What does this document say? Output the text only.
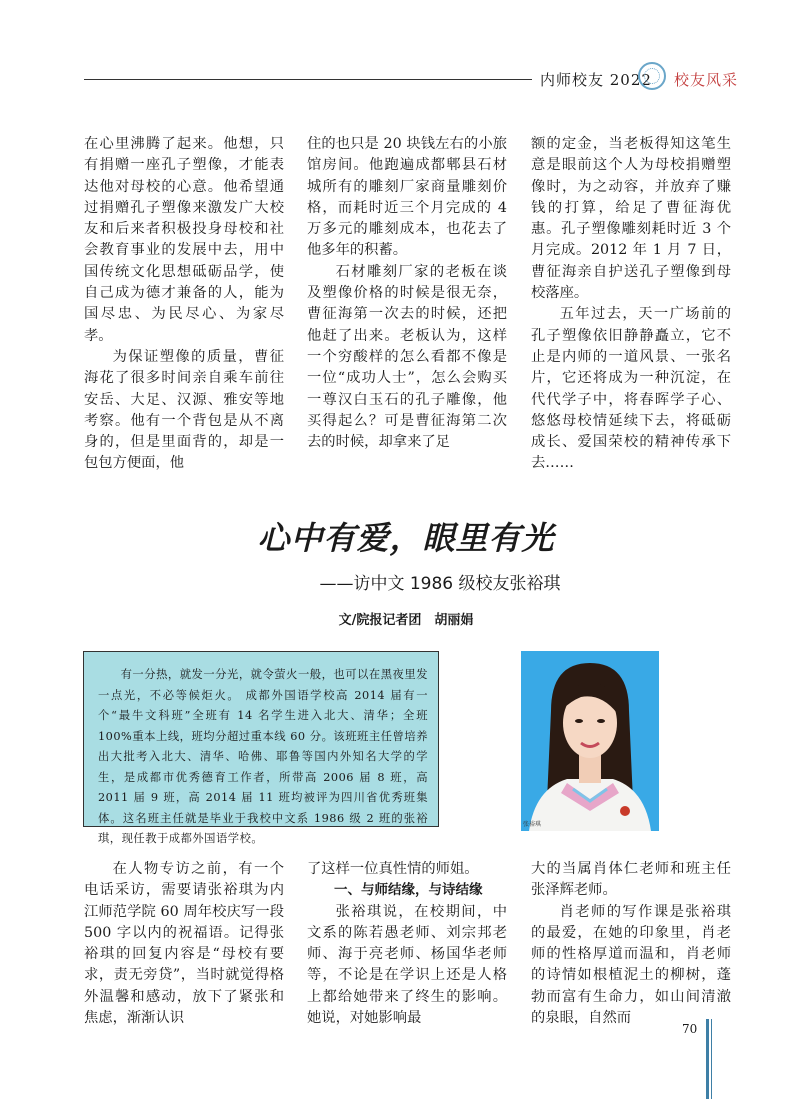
内师校友 2022 校友风采

在心里沸腾了起来。他想，只有捐赠一座孔子塑像，才能表达他对母校的心意。他希望通过捐赠孔子塑像来激发广大校友和后来者积极投身母校和社会教育事业的发展中去，用中国传统文化思想砥砺品学，使自己成为德才兼备的人，能为国尽忠、为民尽心、为家尽孝。

为保证塑像的质量，曹征海花了很多时间亲自乘车前往安岳、大足、汉源、雅安等地考察。他有一个背包是从不离身的，但是里面背的，却是一包包方便面，他

住的也只是 20 块钱左右的小旅馆房间。他跑遍成都郫县石材城所有的雕刻厂家商量雕刻价格，而耗时近三个月完成的 4 万多元的雕刻成本，也花去了他多年的积蓄。

石材雕刻厂家的老板在谈及塑像价格的时候是很无奈，曹征海第一次去的时候，还把他赶了出来。老板认为，这样一个穷酸样的怎么看都不像是一位“成功人士”，怎么会购买一尊汉白玉石的孔子雕像，他买得起么？可是曹征海第二次去的时候，却拿来了足

额的定金，当老板得知这笔生意是眼前这个人为母校捐赠塑像时，为之动容，并放弃了赚钱的打算，给足了曹征海优惠。孔子塑像雕刻耗时近 3 个月完成。2012 年 1 月 7 日，曹征海亲自护送孔子塑像到母校落座。

五年过去，天一广场前的孔子塑像依旧静静矗立，它不止是内师的一道风景、一张名片，它还将成为一种沉淀，在代代学子中，将春晖学子心、悠悠母校情延续下去，将砥砺成长、爱国荣校的精神传承下去……

心中有爱，眼里有光
——访中文 1986 级校友张裕琪
文/院报记者团　胡丽娟

有一分热，就发一分光，就令萤火一般，也可以在黑夜里发一点光，不必等候炬火。 成都外国语学校高 2014 届有一个“最牛文科班”全班有 14 名学生进入北大、清华；全班 100%重本上线，班均分超过重本线 60 分。该班班主任曾培养出大批考入北大、清华、哈佛、耶鲁等国内外知名大学的学生，是成都市优秀德育工作者，所带高 2006 届 8 班，高 2011 届 9 班，高 2014 届 11 班均被评为四川省优秀班集体。这名班主任就是毕业于我校中文系 1986 级 2 班的张裕琪，现任教于成都外国语学校。

张裕琪

在人物专访之前，有一个电话采访，需要请张裕琪为内江师范学院 60 周年校庆写一段 500 字以内的祝福语。记得张裕琪的回复内容是“母校有要求，责无旁贷”，当时就觉得格外温馨和感动，放下了紧张和焦虑，渐渐认识

了这样一位真性情的师姐。

一、与师结缘，与诗结缘

张裕琪说，在校期间，中文系的陈若愚老师、刘宗邦老师、海于亮老师、杨国华老师等，不论是在学识上还是人格上都给她带来了终生的影响。 她说，对她影响最

大的当属肖体仁老师和班主任张泽辉老师。

肖老师的写作课是张裕琪的最爱，在她的印象里，肖老师的性格厚道而温和，肖老师的诗情如根植泥土的柳树，蓬勃而富有生命力，如山间清澈的泉眼，自然而

70
